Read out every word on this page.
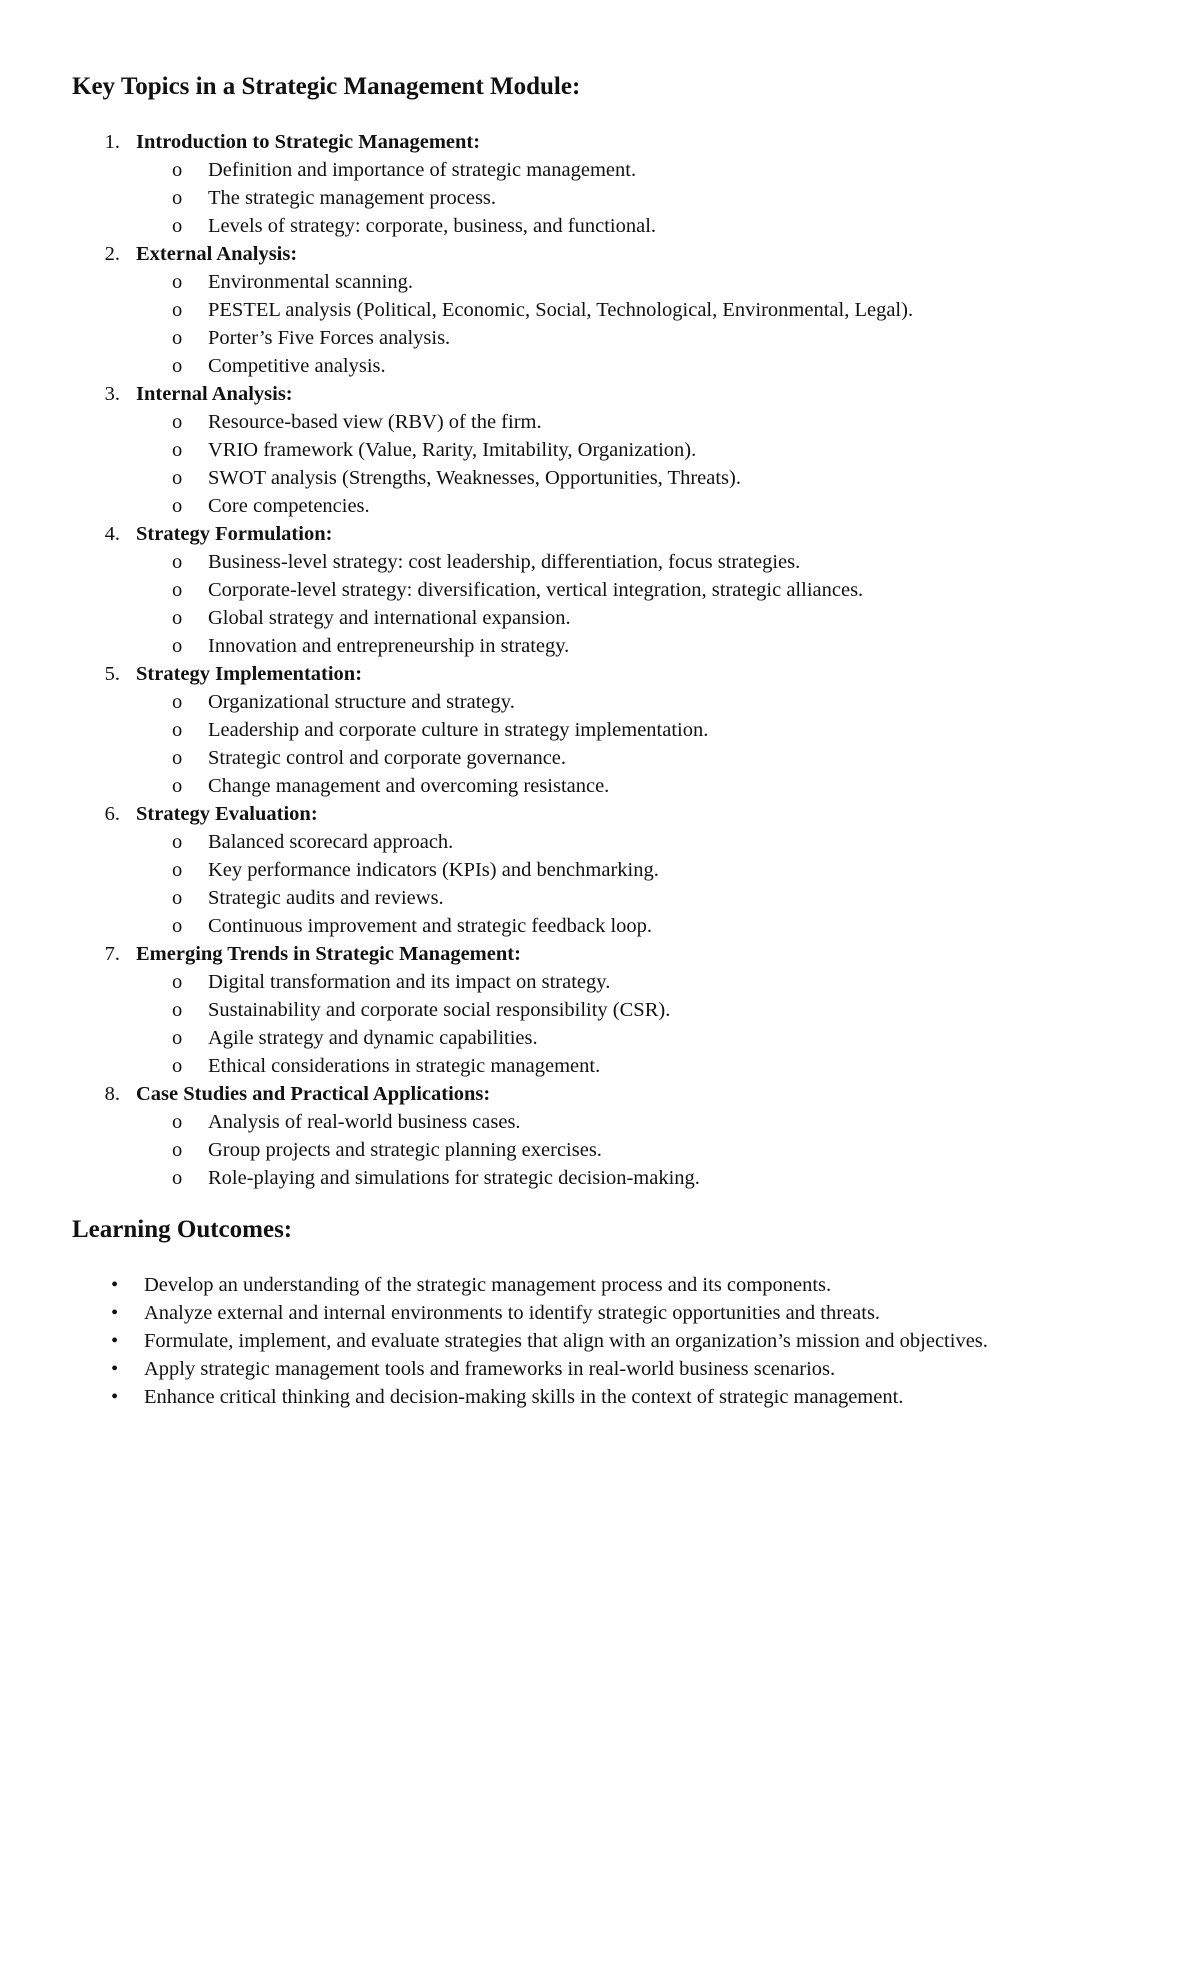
Key Topics in a Strategic Management Module:
1. Introduction to Strategic Management:
o Definition and importance of strategic management.
o The strategic management process.
o Levels of strategy: corporate, business, and functional.
2. External Analysis:
o Environmental scanning.
o PESTEL analysis (Political, Economic, Social, Technological, Environmental, Legal).
o Porter’s Five Forces analysis.
o Competitive analysis.
3. Internal Analysis:
o Resource-based view (RBV) of the firm.
o VRIO framework (Value, Rarity, Imitability, Organization).
o SWOT analysis (Strengths, Weaknesses, Opportunities, Threats).
o Core competencies.
4. Strategy Formulation:
o Business-level strategy: cost leadership, differentiation, focus strategies.
o Corporate-level strategy: diversification, vertical integration, strategic alliances.
o Global strategy and international expansion.
o Innovation and entrepreneurship in strategy.
5. Strategy Implementation:
o Organizational structure and strategy.
o Leadership and corporate culture in strategy implementation.
o Strategic control and corporate governance.
o Change management and overcoming resistance.
6. Strategy Evaluation:
o Balanced scorecard approach.
o Key performance indicators (KPIs) and benchmarking.
o Strategic audits and reviews.
o Continuous improvement and strategic feedback loop.
7. Emerging Trends in Strategic Management:
o Digital transformation and its impact on strategy.
o Sustainability and corporate social responsibility (CSR).
o Agile strategy and dynamic capabilities.
o Ethical considerations in strategic management.
8. Case Studies and Practical Applications:
o Analysis of real-world business cases.
o Group projects and strategic planning exercises.
o Role-playing and simulations for strategic decision-making.
Learning Outcomes:
• Develop an understanding of the strategic management process and its components.
• Analyze external and internal environments to identify strategic opportunities and threats.
• Formulate, implement, and evaluate strategies that align with an organization’s mission and objectives.
• Apply strategic management tools and frameworks in real-world business scenarios.
• Enhance critical thinking and decision-making skills in the context of strategic management.
